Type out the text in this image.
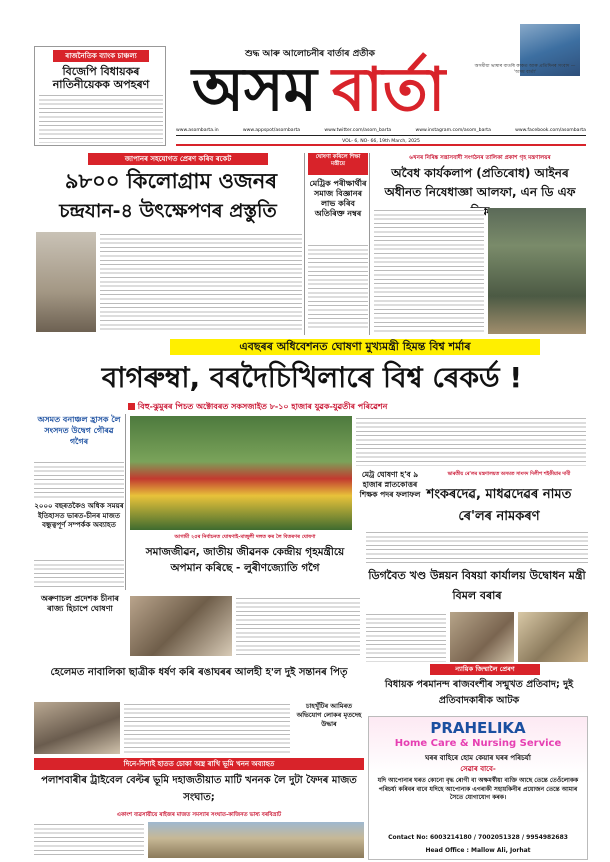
ৰাজনৈতিক ব্যাংক চাঞ্চল্য
বিজেপি বিধায়কৰ নাতিনীয়েকক অপহৰণ
শুদ্ধ আৰু আলোচনীৰ বাৰ্তাৰ প্ৰতীক
অসম বাৰ্তা	অসমীয়া ভাষাৰ বাতৰি কাকত আৰু প্ৰতিদিনৰ সংবাদ — 'অসম বাৰ্তা'
www.asombarta.in	www.appspot/asombarta	www.twitter.com/asom_barta	www.instagram.com/asom_barta	www.facebook.com/asombarta
VOL- 6, NO- 66, 19th March, 2025
জাপানৰ সহযোগত প্ৰেৰণ কৰিব ৰকেট
৯৮০০ কিলোগ্ৰাম ওজনৰ
চন্দ্ৰযান-৪ উৎক্ষেপণৰ প্ৰস্তুতি
ঘোষণা কৰিলে শিক্ষা মন্ত্ৰীয়ে
মেট্ৰিক পৰীক্ষাৰ্থীৰ সমাজ বিজ্ঞানৰ লাভ কৰিব অতিৰিক্ত নম্বৰ
৬খনৰ নিৰিঙ্ক সন্ত্ৰাসবাদী সংগঠনৰ তালিকা প্ৰকাশ গৃহ মন্ত্ৰণালয়ৰ
অবৈধ কাৰ্যকলাপ (প্ৰতিৰোধ) আইনৰ অধীনত নিষেধাজ্ঞা আলফা, এন ডি এফ
এবছৰৰ অধিবেশনত ঘোষণা মুখ্যমন্ত্ৰী হিমন্ত বিশ্ব শৰ্মাৰ
বাগৰুম্বা, বৰদৈচিখিলাৰে বিশ্ব ৰেকৰ্ড !
বিহু-ঝুমুৰৰ পিচত অক্টোবৰত সকসজাইত ৮-১০ হাজাৰ যুৱক-যুৱতীৰ পৰিৱেশন
অসমত বনাঞ্চল হ্ৰাসক লৈ সংসদত উদ্বেগ গৌৰৱ গগৈৰ
২০০০ বছৰতকৈও অধিক সময়ৰ ইতিহাসত ভাৰত-চীনৰ মাজত বন্ধুত্বপূৰ্ণ সম্পৰ্কক অব্যাহত
অৰুণাচল প্ৰদেশক চীনাৰ ৰাজ্য হিচাপে ঘোষণা
আগামী ২৫ৰ নিৰ্বাচনত ঘোষণাই-মাজুলী দলত কৰ লৈ বিতৰণৰ ঘোষণা
সমাজজীৱন, জাতীয় জীৱনক কেন্দ্ৰীয় গৃহমন্ত্ৰীয়ে অপমান কৰিছে - লুৰীণজ্যোতি গগৈ
মেট্ৰ ঘোষণা হ'ব ৯ হাজাৰ স্নাতকোত্তৰ শিক্ষক পদৰ ফলাফল
ভাৰতীয় ৰে'লৰ মন্ত্ৰণালয়ত অসমত সাংসদ দিলীপ শইকীয়াৰ দাবী
শংকৰদেৱ, মাধৱদেৱৰ নামত ৰে'লৰ নামকৰণ
ডিগবৈত খণ্ড উন্নয়ন বিষয়া কাৰ্যালয় উদ্বোধন মন্ত্ৰী বিমল বৰাৰ
হেলেমত নাবালিকা ছাত্ৰীক ধৰ্ষণ কৰি ৰঙাঘৰৰ আলহী হ'ল দুই সন্তানৰ পিতৃ
চাহখুঁটিৰ আমিৰত অভিযোগ লোকৰ মৃতদেহ উদ্ধাৰ
দিনে-নিশাই হাতত চোকা অস্ত্ৰ ৰাখি ভূমি খনন অব্যাহত
পলাশবাৰীৰ ট্ৰাইবেল বেল্টৰ ভূমি দহাজতীয়াত মাটি খননক লৈ দুটা ফৈদৰ মাজত সংঘাত;
একাংশ ব্যৱসায়ীয়ে ৰাইজৰ মাজত সমস্যাৰ সংঘাত-কাজিনত ভাষ্য বৰবিভ্ৰাট
ন্যায়িক জিম্মালৈ প্ৰেৰণ
বিধায়ক পৰমানন্দ ৰাজবংশীৰ সন্মুখত প্ৰতিবাদ; দুই প্ৰতিবাদকাৰীক আটক
PRAHELIKA
Home Care & Nursing Service
ঘৰৰ বাহিৰে হোম কেয়াৰ ঘৰৰ পৰিচৰ্যা
সেৱাৰ বাবে-
যদি আপোনাৰ ঘৰত কোনো বৃদ্ধ ৰোগী বা অক্ষমৰ্স্বীয়া ব্যক্তি আছে তেন্তে তেওঁলোকক পৰিচৰ্যা কৰিবৰ বাবে যদিহে আপোনাক এগৰাকী সহায়কিনীৰ প্ৰয়োজন তেন্তে আমাৰ সৈতে যোগাযোগ কৰক।
Contact No: 6003214180 / 7002051328 / 9954982683
Head Office : Mallow Ali, Jorhat
